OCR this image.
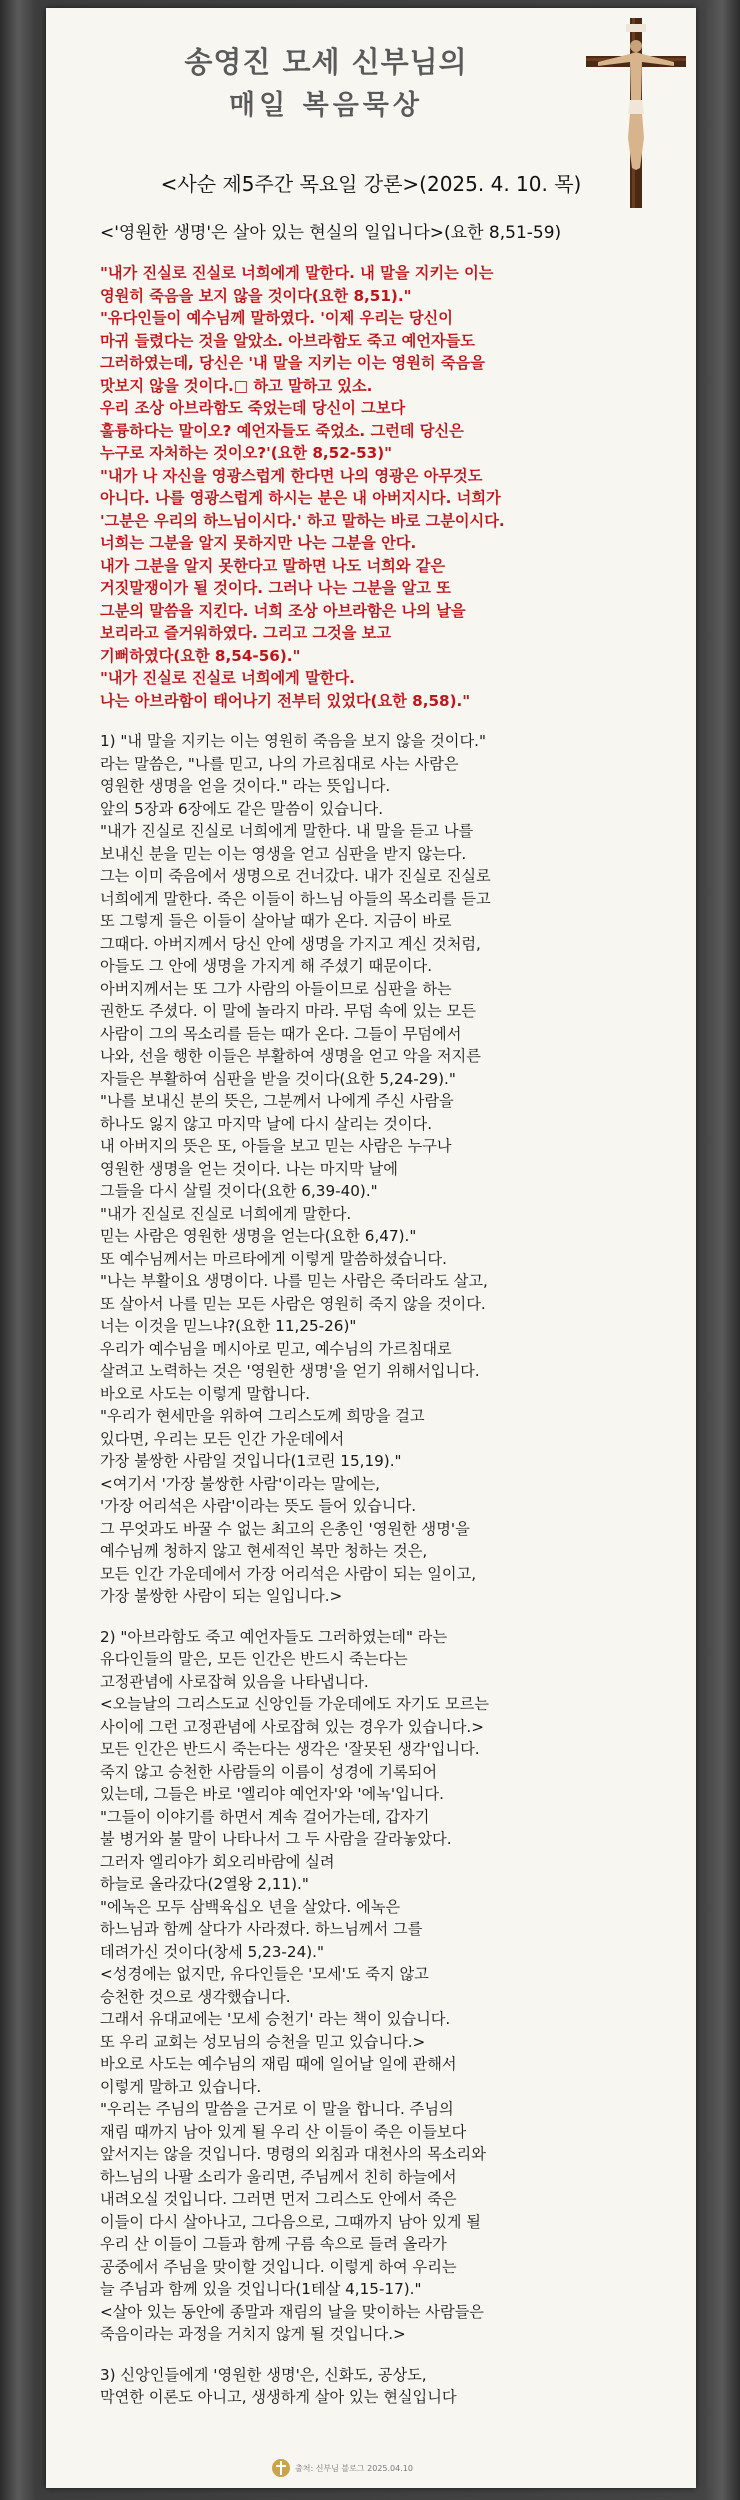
송영진 모세 신부님의
매일 복음묵상
<사순 제5주간 목요일 강론>(2025. 4. 10. 목)
<'영원한 생명'은 살아 있는 현실의 일입니다>(요한 8,51-59)

"내가 진실로 진실로 너희에게 말한다. 내 말을 지키는 이는

영원히 죽음을 보지 않을 것이다(요한 8,51)."

"유다인들이 예수님께 말하였다. '이제 우리는 당신이

마귀 들렸다는 것을 알았소. 아브라함도 죽고 예언자들도

그러하였는데, 당신은 '내 말을 지키는 이는 영원히 죽음을

맛보지 않을 것이다.□ 하고 말하고 있소.

우리 조상 아브라함도 죽었는데 당신이 그보다

훌륭하다는 말이오? 예언자들도 죽었소. 그런데 당신은

누구로 자처하는 것이오?'(요한 8,52-53)"

"내가 나 자신을 영광스럽게 한다면 나의 영광은 아무것도

아니다. 나를 영광스럽게 하시는 분은 내 아버지시다. 너희가

'그분은 우리의 하느님이시다.' 하고 말하는 바로 그분이시다.

너희는 그분을 알지 못하지만 나는 그분을 안다.

내가 그분을 알지 못한다고 말하면 나도 너희와 같은

거짓말쟁이가 될 것이다. 그러나 나는 그분을 알고 또

그분의 말씀을 지킨다. 너희 조상 아브라함은 나의 날을

보리라고 즐거워하였다. 그리고 그것을 보고

기뻐하였다(요한 8,54-56)."

"내가 진실로 진실로 너희에게 말한다.

나는 아브라함이 태어나기 전부터 있었다(요한 8,58)."

1) "내 말을 지키는 이는 영원히 죽음을 보지 않을 것이다."

라는 말씀은, "나를 믿고, 나의 가르침대로 사는 사람은

영원한 생명을 얻을 것이다." 라는 뜻입니다.

앞의 5장과 6장에도 같은 말씀이 있습니다.

"내가 진실로 진실로 너희에게 말한다. 내 말을 듣고 나를

보내신 분을 믿는 이는 영생을 얻고 심판을 받지 않는다.

그는 이미 죽음에서 생명으로 건너갔다. 내가 진실로 진실로

너희에게 말한다. 죽은 이들이 하느님 아들의 목소리를 듣고

또 그렇게 들은 이들이 살아날 때가 온다. 지금이 바로

그때다. 아버지께서 당신 안에 생명을 가지고 계신 것처럼,

아들도 그 안에 생명을 가지게 해 주셨기 때문이다.

아버지께서는 또 그가 사람의 아들이므로 심판을 하는

권한도 주셨다. 이 말에 놀라지 마라. 무덤 속에 있는 모든

사람이 그의 목소리를 듣는 때가 온다. 그들이 무덤에서

나와, 선을 행한 이들은 부활하여 생명을 얻고 악을 저지른

자들은 부활하여 심판을 받을 것이다(요한 5,24-29)."

"나를 보내신 분의 뜻은, 그분께서 나에게 주신 사람을

하나도 잃지 않고 마지막 날에 다시 살리는 것이다.

내 아버지의 뜻은 또, 아들을 보고 믿는 사람은 누구나

영원한 생명을 얻는 것이다. 나는 마지막 날에

그들을 다시 살릴 것이다(요한 6,39-40)."

"내가 진실로 진실로 너희에게 말한다.

믿는 사람은 영원한 생명을 얻는다(요한 6,47)."

또 예수님께서는 마르타에게 이렇게 말씀하셨습니다.

"나는 부활이요 생명이다. 나를 믿는 사람은 죽더라도 살고,

또 살아서 나를 믿는 모든 사람은 영원히 죽지 않을 것이다.

너는 이것을 믿느냐?(요한 11,25-26)"

우리가 예수님을 메시아로 믿고, 예수님의 가르침대로

살려고 노력하는 것은 '영원한 생명'을 얻기 위해서입니다.

바오로 사도는 이렇게 말합니다.

"우리가 현세만을 위하여 그리스도께 희망을 걸고

있다면, 우리는 모든 인간 가운데에서

가장 불쌍한 사람일 것입니다(1코린 15,19)."

<여기서 '가장 불쌍한 사람'이라는 말에는,

'가장 어리석은 사람'이라는 뜻도 들어 있습니다.

그 무엇과도 바꿀 수 없는 최고의 은총인 '영원한 생명'을

예수님께 청하지 않고 현세적인 복만 청하는 것은,

모든 인간 가운데에서 가장 어리석은 사람이 되는 일이고,

가장 불쌍한 사람이 되는 일입니다.>

2) "아브라함도 죽고 예언자들도 그러하였는데" 라는

유다인들의 말은, 모든 인간은 반드시 죽는다는

고정관념에 사로잡혀 있음을 나타냅니다.

<오늘날의 그리스도교 신앙인들 가운데에도 자기도 모르는

사이에 그런 고정관념에 사로잡혀 있는 경우가 있습니다.>

모든 인간은 반드시 죽는다는 생각은 '잘못된 생각'입니다.

죽지 않고 승천한 사람들의 이름이 성경에 기록되어

있는데, 그들은 바로 '엘리야 예언자'와 '에녹'입니다.

"그들이 이야기를 하면서 계속 걸어가는데, 갑자기

불 병거와 불 말이 나타나서 그 두 사람을 갈라놓았다.

그러자 엘리야가 회오리바람에 실려

하늘로 올라갔다(2열왕 2,11)."

"에녹은 모두 삼백육십오 년을 살았다. 에녹은

하느님과 함께 살다가 사라졌다. 하느님께서 그를

데려가신 것이다(창세 5,23-24)."

<성경에는 없지만, 유다인들은 '모세'도 죽지 않고

승천한 것으로 생각했습니다.

그래서 유대교에는 '모세 승천기' 라는 책이 있습니다.

또 우리 교회는 성모님의 승천을 믿고 있습니다.>

바오로 사도는 예수님의 재림 때에 일어날 일에 관해서

이렇게 말하고 있습니다.

"우리는 주님의 말씀을 근거로 이 말을 합니다. 주님의

재림 때까지 남아 있게 될 우리 산 이들이 죽은 이들보다

앞서지는 않을 것입니다. 명령의 외침과 대천사의 목소리와

하느님의 나팔 소리가 울리면, 주님께서 친히 하늘에서

내려오실 것입니다. 그러면 먼저 그리스도 안에서 죽은

이들이 다시 살아나고, 그다음으로, 그때까지 남아 있게 될

우리 산 이들이 그들과 함께 구름 속으로 들려 올라가

공중에서 주님을 맞이할 것입니다. 이렇게 하여 우리는

늘 주님과 함께 있을 것입니다(1테살 4,15-17)."

<살아 있는 동안에 종말과 재림의 날을 맞이하는 사람들은

죽음이라는 과정을 거치지 않게 될 것입니다.>

3) 신앙인들에게 '영원한 생명'은, 신화도, 공상도,

막연한 이론도 아니고, 생생하게 살아 있는 현실입니다

출처: 신부님 블로그 2025.04.10
